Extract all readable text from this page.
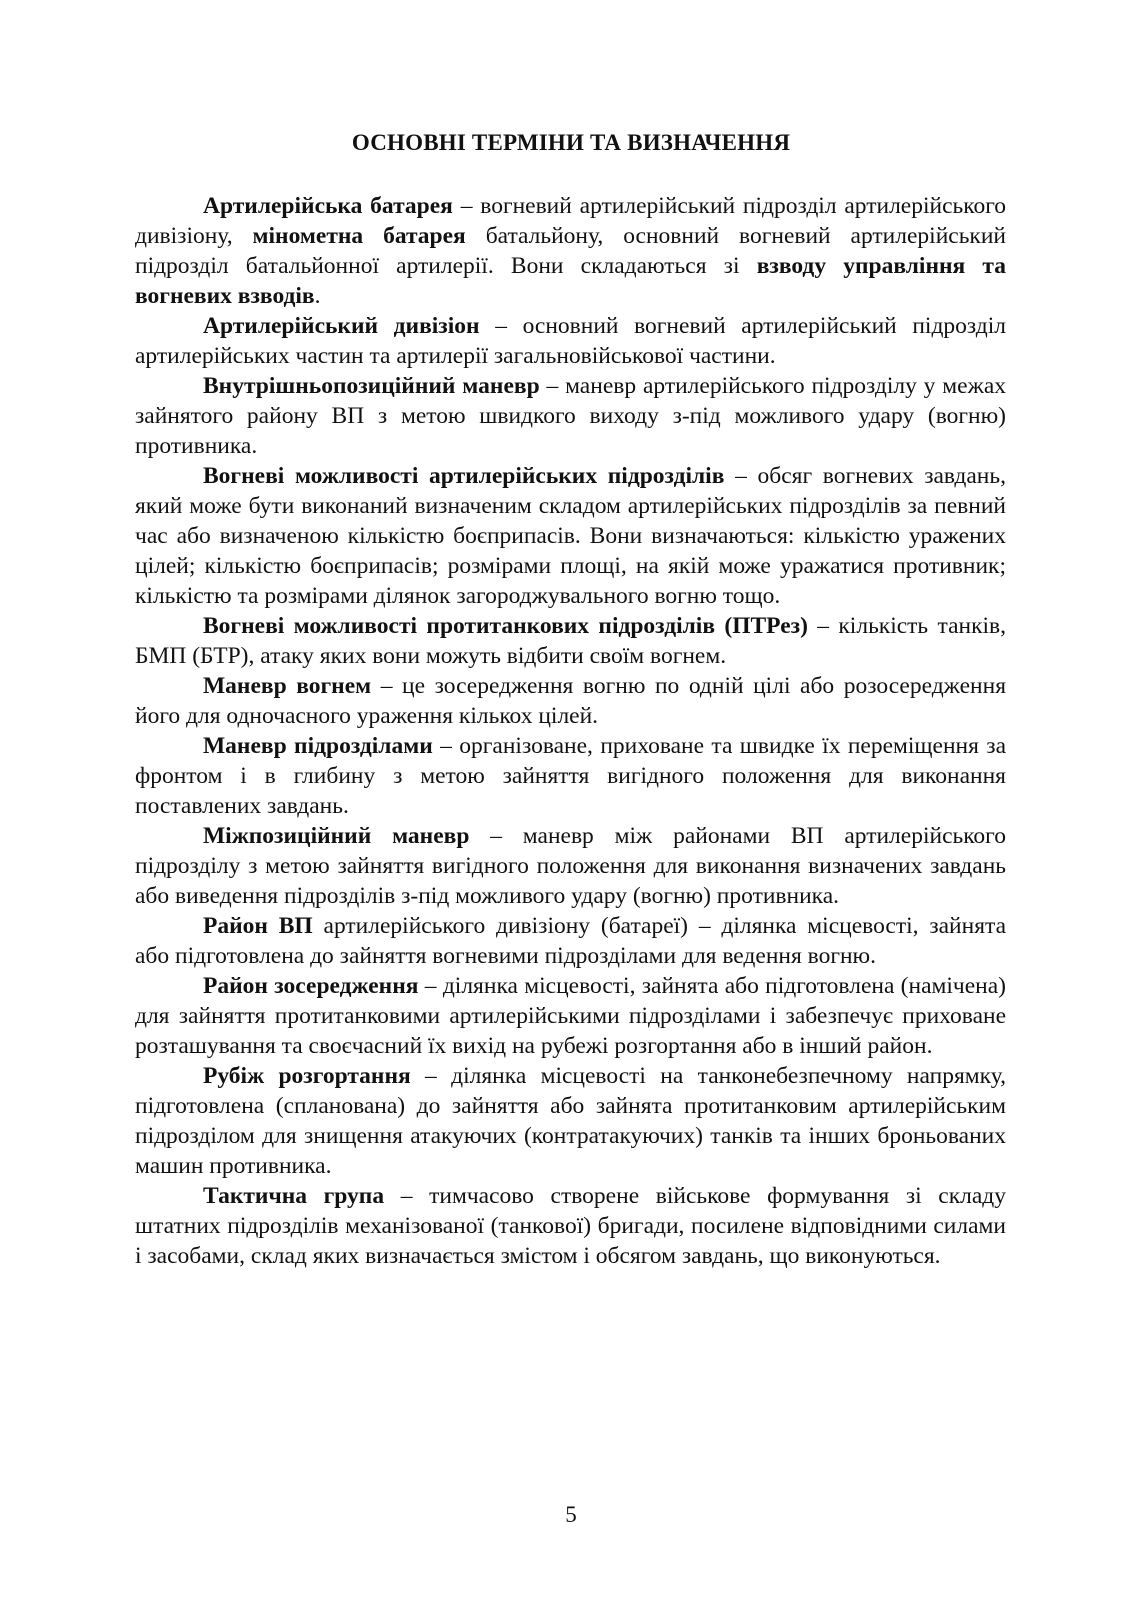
ОСНОВНІ ТЕРМІНИ ТА ВИЗНАЧЕННЯ

Артилерійська батарея – вогневий артилерійський підрозділ артилерійського дивізіону, мінометна батарея батальйону, основний вогневий артилерійський підрозділ батальйонної артилерії. Вони складаються зі взводу управління та вогневих взводів.

Артилерійський дивізіон – основний вогневий артилерійський підрозділ артилерійських частин та артилерії загальновійськової частини.

Внутрішньопозиційний маневр – маневр артилерійського підрозділу у межах зайнятого району ВП з метою швидкого виходу з-під можливого удару (вогню) противника.

Вогневі можливості артилерійських підрозділів – обсяг вогневих завдань, який може бути виконаний визначеним складом артилерійських підрозділів за певний час або визначеною кількістю боєприпасів. Вони визначаються: кількістю уражених цілей; кількістю боєприпасів; розмірами площі, на якій може уражатися противник; кількістю та розмірами ділянок загороджувального вогню тощо.

Вогневі можливості протитанкових підрозділів (ПТРез) – кількість танків, БМП (БТР), атаку яких вони можуть відбити своїм вогнем.

Маневр вогнем – це зосередження вогню по одній цілі або розосередження його для одночасного ураження кількох цілей.

Маневр підрозділами – організоване, приховане та швидке їх переміщення за фронтом і в глибину з метою зайняття вигідного положення для виконання поставлених завдань.

Міжпозиційний маневр – маневр між районами ВП артилерійського підрозділу з метою зайняття вигідного положення для виконання визначених завдань або виведення підрозділів з-під можливого удару (вогню) противника.

Район ВП артилерійського дивізіону (батареї) – ділянка місцевості, зайнята або підготовлена до зайняття вогневими підрозділами для ведення вогню.

Район зосередження – ділянка місцевості, зайнята або підготовлена (намічена) для зайняття протитанковими артилерійськими підрозділами і забезпечує приховане розташування та своєчасний їх вихід на рубежі розгортання або в інший район.

Рубіж розгортання – ділянка місцевості на танконебезпечному напрямку, підготовлена (спланована) до зайняття або зайнята протитанковим артилерійським підрозділом для знищення атакуючих (контратакуючих) танків та інших броньованих машин противника.

Тактична група – тимчасово створене військове формування зі складу штатних підрозділів механізованої (танкової) бригади, посилене відповідними силами і засобами, склад яких визначається змістом і обсягом завдань, що виконуються.

5
